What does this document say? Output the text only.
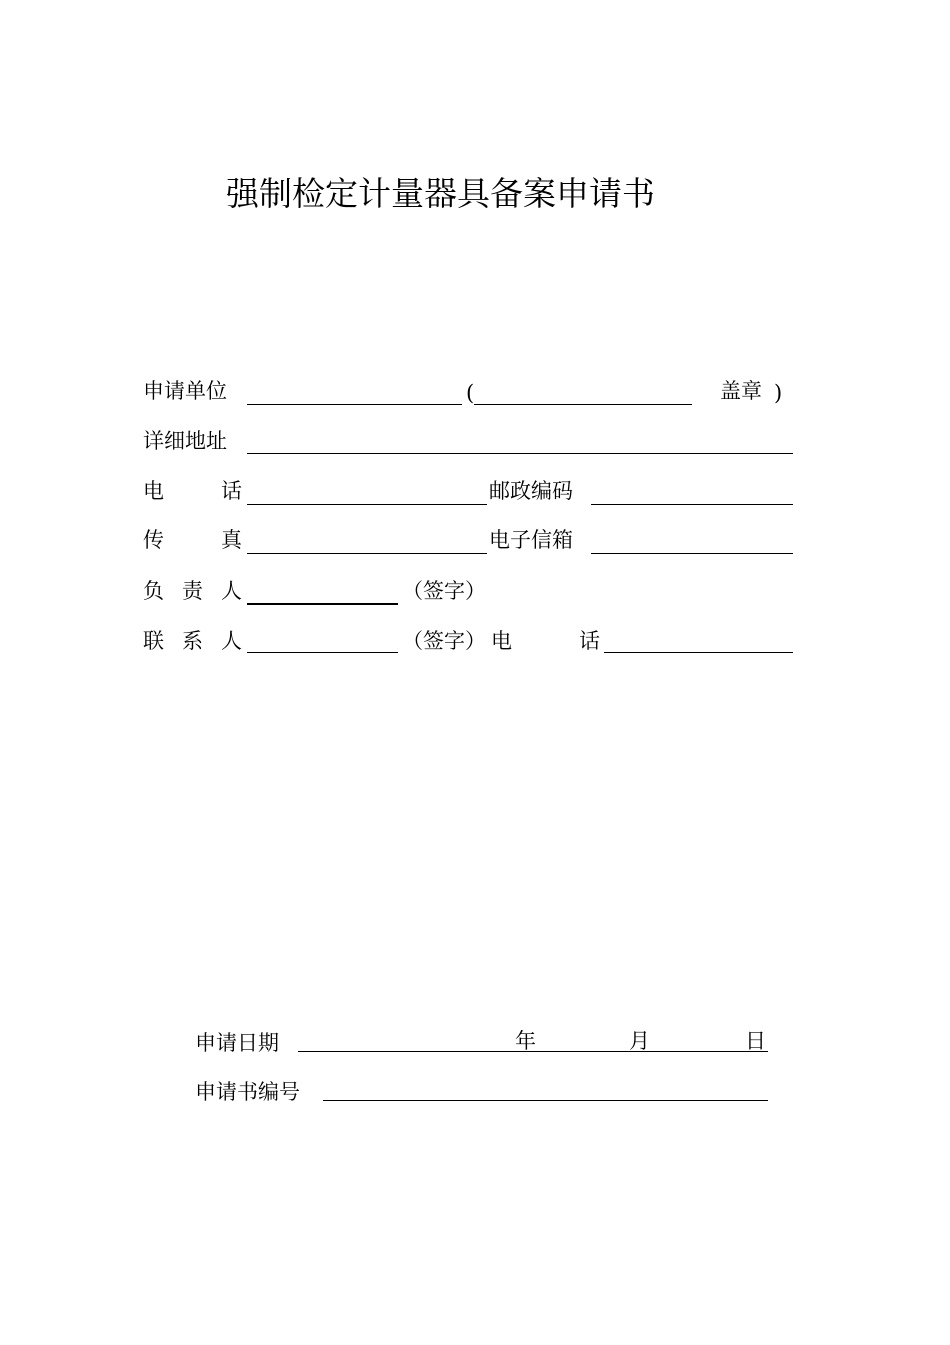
强制检定计量器具备案申请书
申请单位	(	盖章 )
详细地址
电	话	邮政编码
传	真	电子信箱
负 责 人	（签字）
联 系 人	（签字） 电	话
申请日期	年	月	日
申请书编号
